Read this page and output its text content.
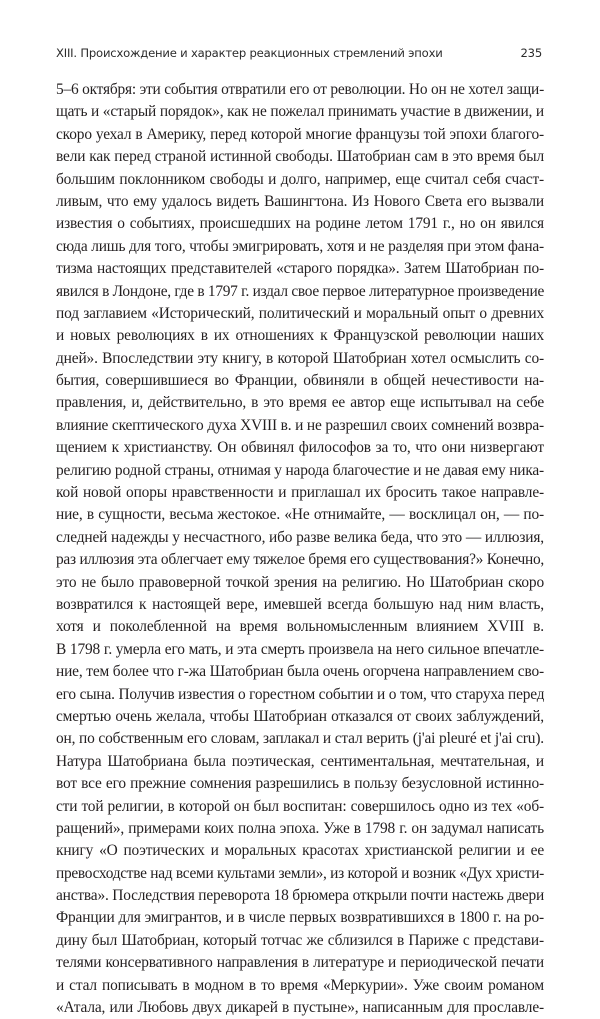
XIII. Происхождение и характер реакционных стремлений эпохи	235
5–6 октября: эти события отвратили его от революции. Но он не хотел защи-
щать и «старый порядок», как не пожелал принимать участие в движении, и
скоро уехал в Америку, перед которой многие французы той эпохи благого-
вели как перед страной истинной свободы. Шатобриан сам в это время был
большим поклонником свободы и долго, например, еще считал себя счаст-
ливым, что ему удалось видеть Вашингтона. Из Нового Света его вызвали
известия о событиях, происшедших на родине летом 1791 г., но он явился
сюда лишь для того, чтобы эмигрировать, хотя и не разделяя при этом фана-
тизма настоящих представителей «старого порядка». Затем Шатобриан по-
явился в Лондоне, где в 1797 г. издал свое первое литературное произведение
под заглавием «Исторический, политический и моральный опыт о древних
и новых революциях в их отношениях к Французской революции наших
дней». Впоследствии эту книгу, в которой Шатобриан хотел осмыслить со-
бытия, совершившиеся во Франции, обвиняли в общей нечестивости на-
правления, и, действительно, в это время ее автор еще испытывал на себе
влияние скептического духа XVIII в. и не разрешил своих сомнений возвра-
щением к христианству. Он обвинял философов за то, что они низвергают
религию родной страны, отнимая у народа благочестие и не давая ему ника-
кой новой опоры нравственности и приглашал их бросить такое направле-
ние, в сущности, весьма жестокое. «Не отнимайте, — восклицал он, — по-
следней надежды у несчастного, ибо разве велика беда, что это — иллюзия,
раз иллюзия эта облегчает ему тяжелое бремя его существования?» Конечно,
это не было правоверной точкой зрения на религию. Но Шатобриан скоро
возвратился к настоящей вере, имевшей всегда большую над ним власть,
хотя и поколебленной на время вольномысленным влиянием XVIII в.
В 1798 г. умерла его мать, и эта смерть произвела на него сильное впечатле-
ние, тем более что г-жа Шатобриан была очень огорчена направлением сво-
его сына. Получив известия о горестном событии и о том, что старуха перед
смертью очень желала, чтобы Шатобриан отказался от своих заблуждений,
он, по собственным его словам, заплакал и стал верить (j'ai pleuré et j'ai cru).
Натура Шатобриана была поэтическая, сентиментальная, мечтательная, и
вот все его прежние сомнения разрешились в пользу безусловной истинно-
сти той религии, в которой он был воспитан: совершилось одно из тех «об-
ращений», примерами коих полна эпоха. Уже в 1798 г. он задумал написать
книгу «О поэтических и моральных красотах христианской религии и ее
превосходстве над всеми культами земли», из которой и возник «Дух христи-
анства». Последствия переворота 18 брюмера открыли почти настежь двери
Франции для эмигрантов, и в числе первых возвратившихся в 1800 г. на ро-
дину был Шатобриан, который тотчас же сблизился в Париже с представи-
телями консервативного направления в литературе и периодической печати
и стал пописывать в модном в то время «Меркурии». Уже своим романом
«Атала, или Любовь двух дикарей в пустыне», написанным для прославле-
